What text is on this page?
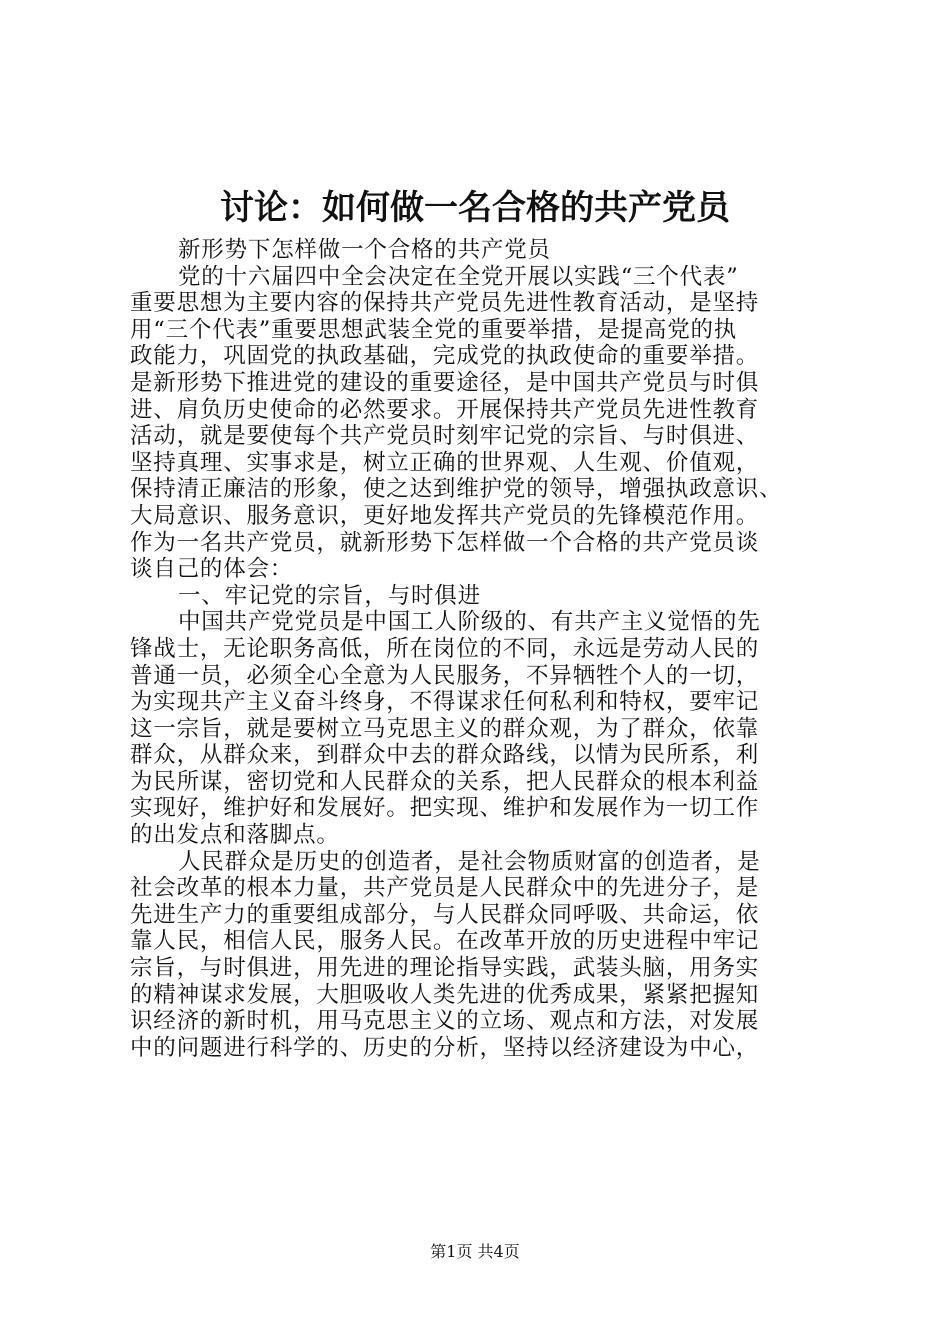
讨论：如何做一名合格的共产党员
新形势下怎样做一个合格的共产党员
党的十六届四中全会决定在全党开展以实践“三个代表”
重要思想为主要内容的保持共产党员先进性教育活动，是坚持
用“三个代表”重要思想武装全党的重要举措，是提高党的执
政能力，巩固党的执政基础，完成党的执政使命的重要举措。
是新形势下推进党的建设的重要途径，是中国共产党员与时俱
进、肩负历史使命的必然要求。开展保持共产党员先进性教育
活动，就是要使每个共产党员时刻牢记党的宗旨、与时俱进、
坚持真理、实事求是，树立正确的世界观、人生观、价值观，
保持清正廉洁的形象，使之达到维护党的领导，增强执政意识、
大局意识、服务意识，更好地发挥共产党员的先锋模范作用。
作为一名共产党员，就新形势下怎样做一个合格的共产党员谈
谈自己的体会：
一、牢记党的宗旨，与时俱进
中国共产党党员是中国工人阶级的、有共产主义觉悟的先
锋战士，无论职务高低，所在岗位的不同，永远是劳动人民的
普通一员，必须全心全意为人民服务，不异牺牲个人的一切，
为实现共产主义奋斗终身，不得谋求任何私利和特权，要牢记
这一宗旨，就是要树立马克思主义的群众观，为了群众，依靠
群众，从群众来，到群众中去的群众路线，以情为民所系，利
为民所谋，密切党和人民群众的关系，把人民群众的根本利益
实现好，维护好和发展好。把实现、维护和发展作为一切工作
的出发点和落脚点。
人民群众是历史的创造者，是社会物质财富的创造者，是
社会改革的根本力量，共产党员是人民群众中的先进分子，是
先进生产力的重要组成部分，与人民群众同呼吸、共命运，依
靠人民，相信人民，服务人民。在改革开放的历史进程中牢记
宗旨，与时俱进，用先进的理论指导实践，武装头脑，用务实
的精神谋求发展，大胆吸收人类先进的优秀成果，紧紧把握知
识经济的新时机，用马克思主义的立场、观点和方法，对发展
中的问题进行科学的、历史的分析，坚持以经济建设为中心，
第1页 共4页
